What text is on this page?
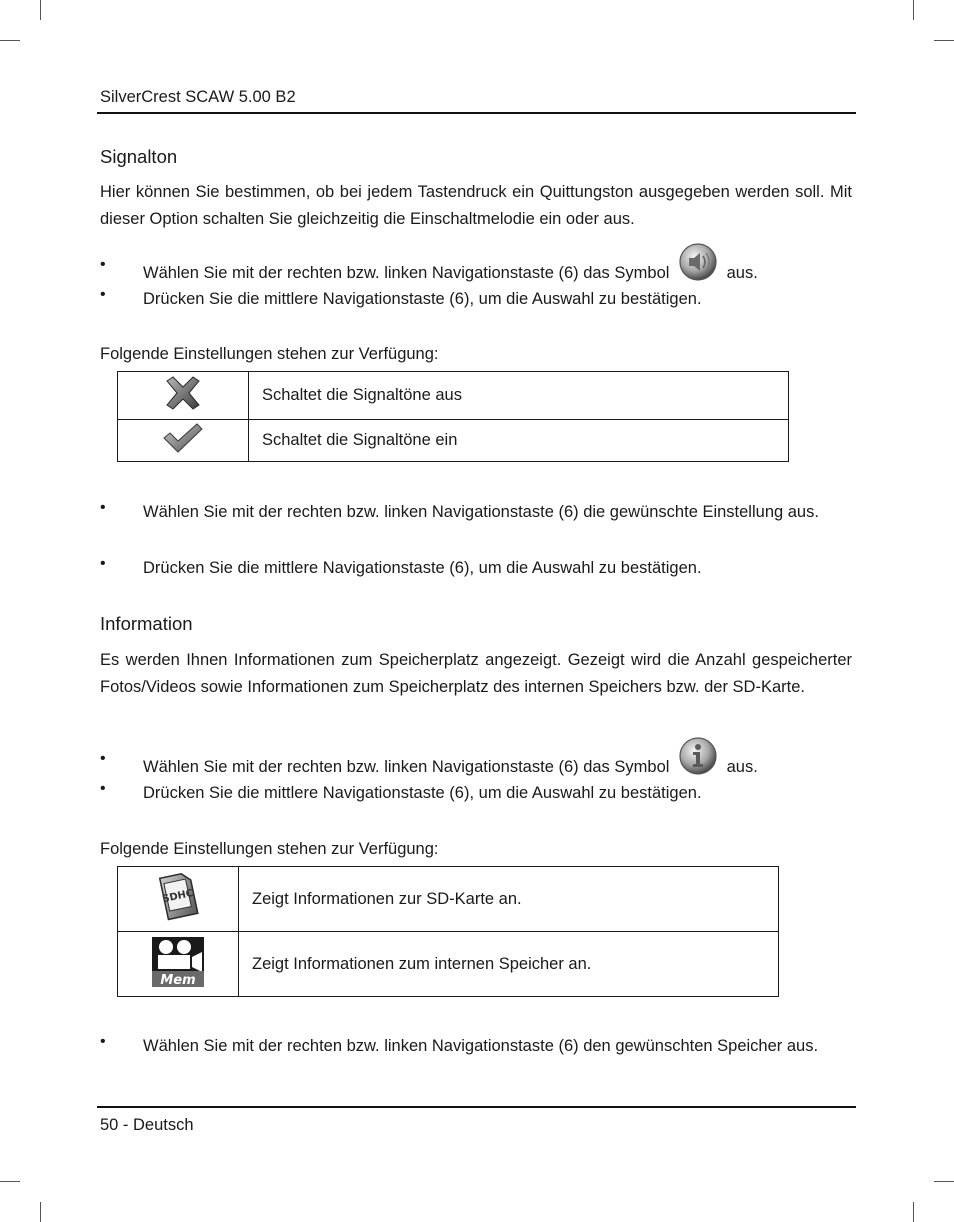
SilverCrest SCAW 5.00 B2
Signalton
Hier können Sie bestimmen, ob bei jedem Tastendruck ein Quittungston ausgegeben werden soll. Mit dieser Option schalten Sie gleichzeitig die Einschaltmelodie ein oder aus.
• Wählen Sie mit der rechten bzw. linken Navigationstaste (6) das Symbol	aus.
• Drücken Sie die mittlere Navigationstaste (6), um die Auswahl zu bestätigen.
Folgende Einstellungen stehen zur Verfügung:
	Schaltet die Signaltöne aus
	Schaltet die Signaltöne ein
• Wählen Sie mit der rechten bzw. linken Navigationstaste (6) die gewünschte Einstellung aus.
• Drücken Sie die mittlere Navigationstaste (6), um die Auswahl zu bestätigen.
Information
Es werden Ihnen Informationen zum Speicherplatz angezeigt. Gezeigt wird die Anzahl gespeicherter Fotos/Videos sowie Informationen zum Speicherplatz des internen Speichers bzw. der SD-Karte.
• Wählen Sie mit der rechten bzw. linken Navigationstaste (6) das Symbol	aus.
• Drücken Sie die mittlere Navigationstaste (6), um die Auswahl zu bestätigen.
Folgende Einstellungen stehen zur Verfügung:
SDHC	Zeigt Informationen zur SD-Karte an.

Mem	Zeigt Informationen zum internen Speicher an.
• Wählen Sie mit der rechten bzw. linken Navigationstaste (6) den gewünschten Speicher aus.
50 - Deutsch
